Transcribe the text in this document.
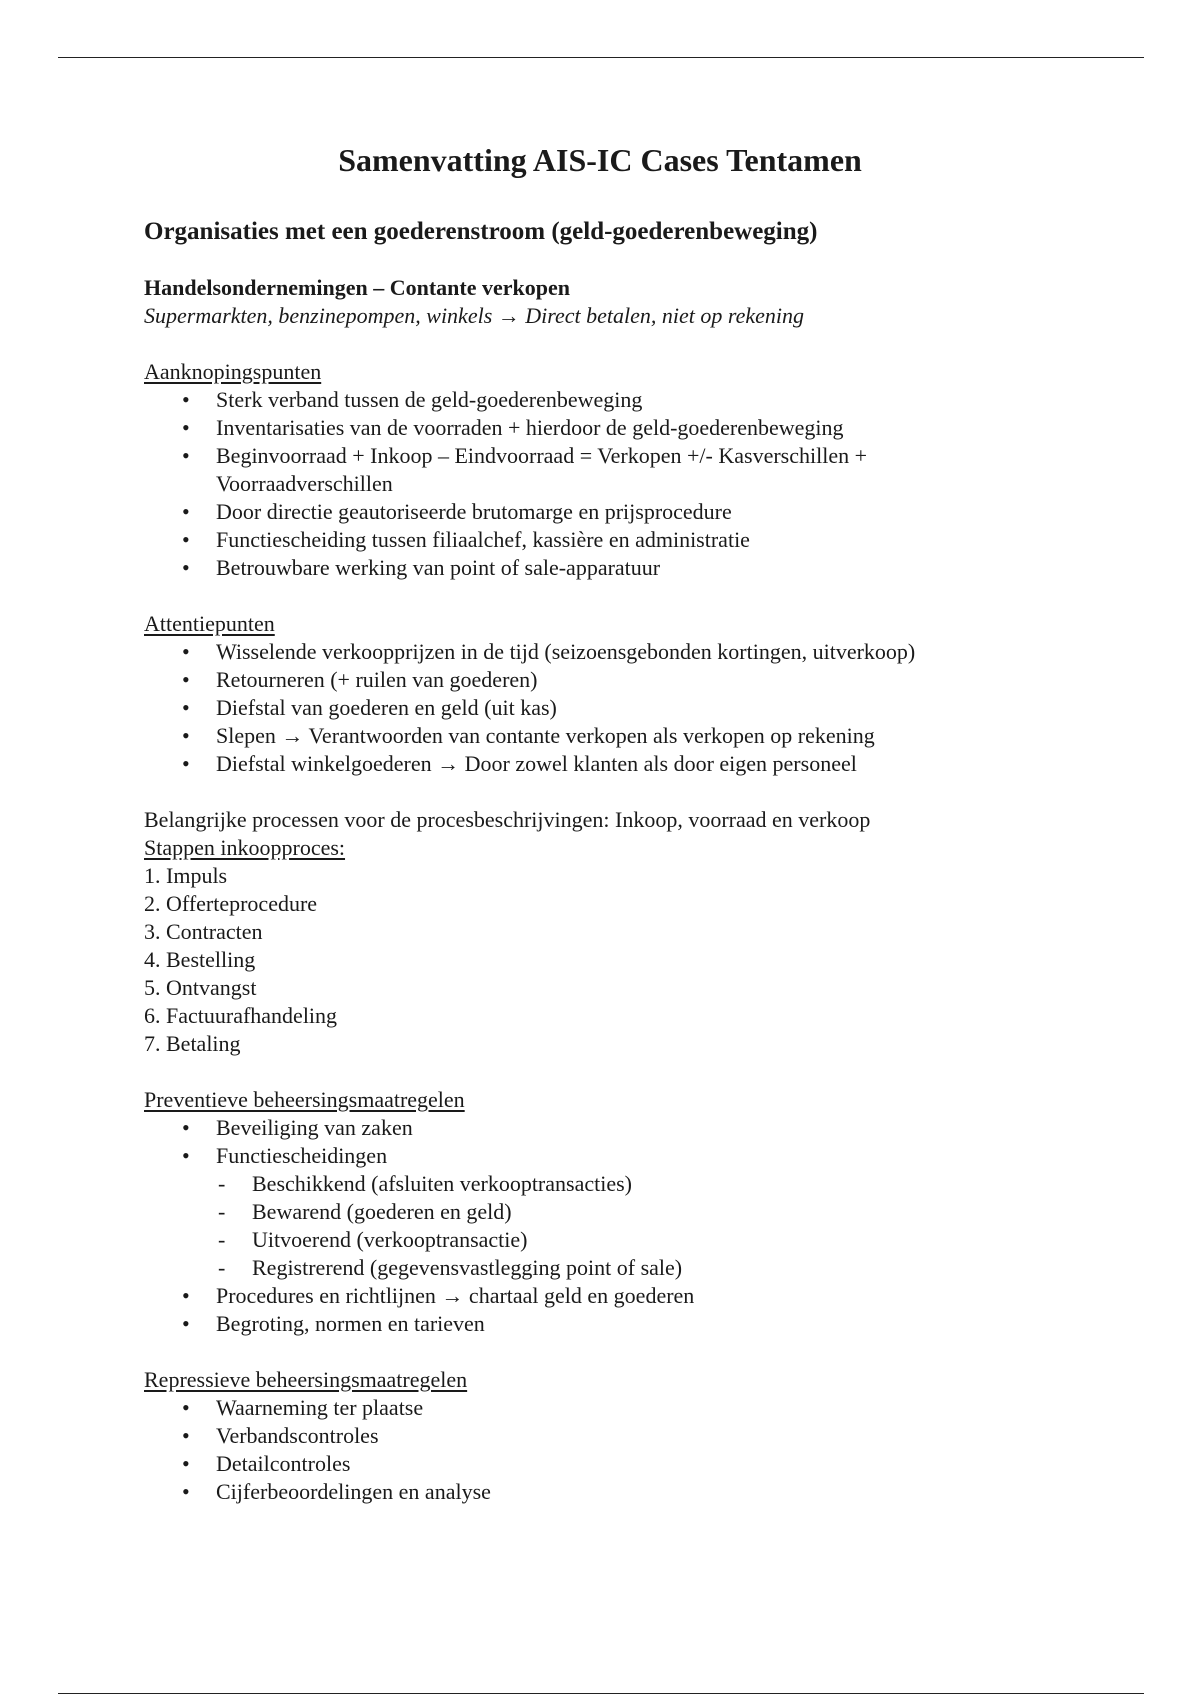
Samenvatting AIS-IC Cases Tentamen
Organisaties met een goederenstroom (geld-goederenbeweging)
Handelsondernemingen – Contante verkopen
Supermarkten, benzinepompen, winkels → Direct betalen, niet op rekening
Aanknopingspunten
• Sterk verband tussen de geld-goederenbeweging
• Inventarisaties van de voorraden + hierdoor de geld-goederenbeweging
• Beginvoorraad + Inkoop – Eindvoorraad = Verkopen +/- Kasverschillen + Voorraadverschillen
• Door directie geautoriseerde brutomarge en prijsprocedure
• Functiescheiding tussen filiaalchef, kassière en administratie
• Betrouwbare werking van point of sale-apparatuur
Attentiepunten
• Wisselende verkoopprijzen in de tijd (seizoensgebonden kortingen, uitverkoop)
• Retourneren (+ ruilen van goederen)
• Diefstal van goederen en geld (uit kas)
• Slepen → Verantwoorden van contante verkopen als verkopen op rekening
• Diefstal winkelgoederen → Door zowel klanten als door eigen personeel
Belangrijke processen voor de procesbeschrijvingen: Inkoop, voorraad en verkoop
Stappen inkoopproces:
1. Impuls
2. Offerteprocedure
3. Contracten
4. Bestelling
5. Ontvangst
6. Factuurafhandeling
7. Betaling
Preventieve beheersingsmaatregelen
• Beveiliging van zaken
• Functiescheidingen
- Beschikkend (afsluiten verkooptransacties)
- Bewarend (goederen en geld)
- Uitvoerend (verkooptransactie)
- Registrerend (gegevensvastlegging point of sale)
• Procedures en richtlijnen → chartaal geld en goederen
• Begroting, normen en tarieven
Repressieve beheersingsmaatregelen
• Waarneming ter plaatse
• Verbandscontroles
• Detailcontroles
• Cijferbeoordelingen en analyse
